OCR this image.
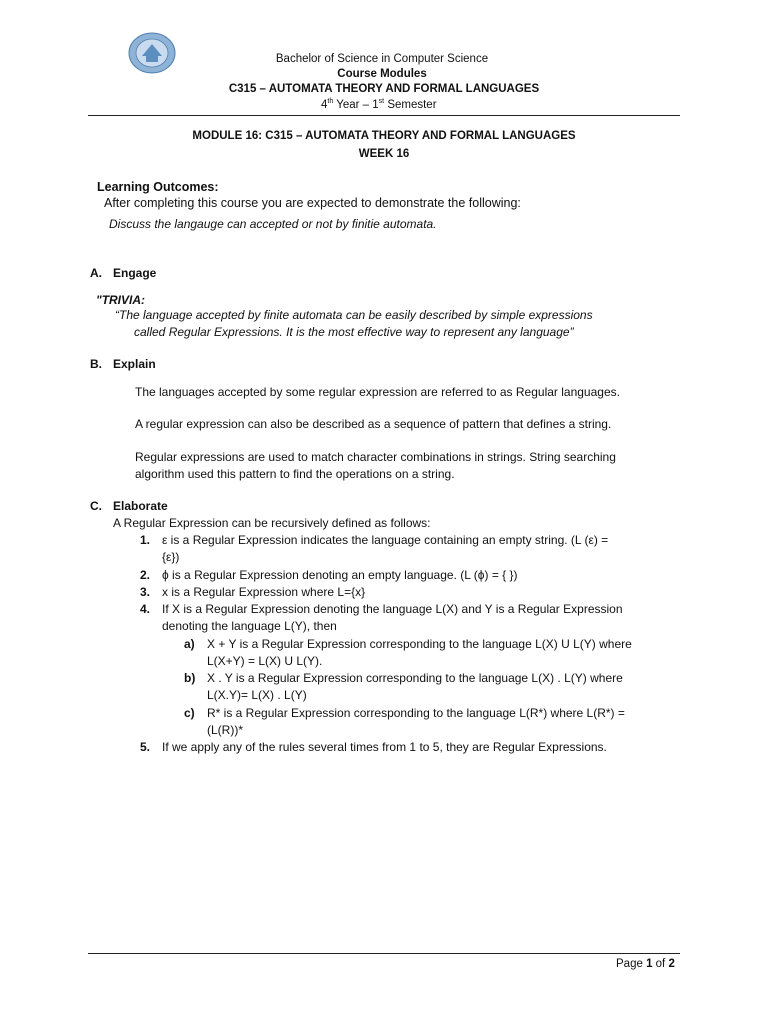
Bachelor of Science in Computer Science
Course Modules
C315 – AUTOMATA THEORY AND FORMAL LANGUAGES
4th Year – 1st Semester
MODULE 16: C315 – AUTOMATA THEORY AND FORMAL LANGUAGES
WEEK 16
Learning Outcomes:
After completing this course you are expected to demonstrate the following:
Discuss the langauge can accepted or not by finitie automata.
A. Engage
"TRIVIA:
“The language accepted by finite automata can be easily described by simple expressions
called Regular Expressions. It is the most effective way to represent any language”
B. Explain
The languages accepted by some regular expression are referred to as Regular languages.
A regular expression can also be described as a sequence of pattern that defines a string.
Regular expressions are used to match character combinations in strings. String searching
algorithm used this pattern to find the operations on a string.
C. Elaborate
A Regular Expression can be recursively defined as follows:
1. ε is a Regular Expression indicates the language containing an empty string. (L (ε) =
{ε})
2. ϕ is a Regular Expression denoting an empty language. (L (ϕ) = { })
3. x is a Regular Expression where L={x}
4. If X is a Regular Expression denoting the language L(X) and Y is a Regular Expression
denoting the language L(Y), then
a) X + Y is a Regular Expression corresponding to the language L(X) U L(Y) where
L(X+Y) = L(X) U L(Y).
b) X . Y is a Regular Expression corresponding to the language L(X) . L(Y) where
L(X.Y)= L(X) . L(Y)
c) R* is a Regular Expression corresponding to the language L(R*) where L(R*) =
(L(R))*
5. If we apply any of the rules several times from 1 to 5, they are Regular Expressions.
Page 1 of 2
